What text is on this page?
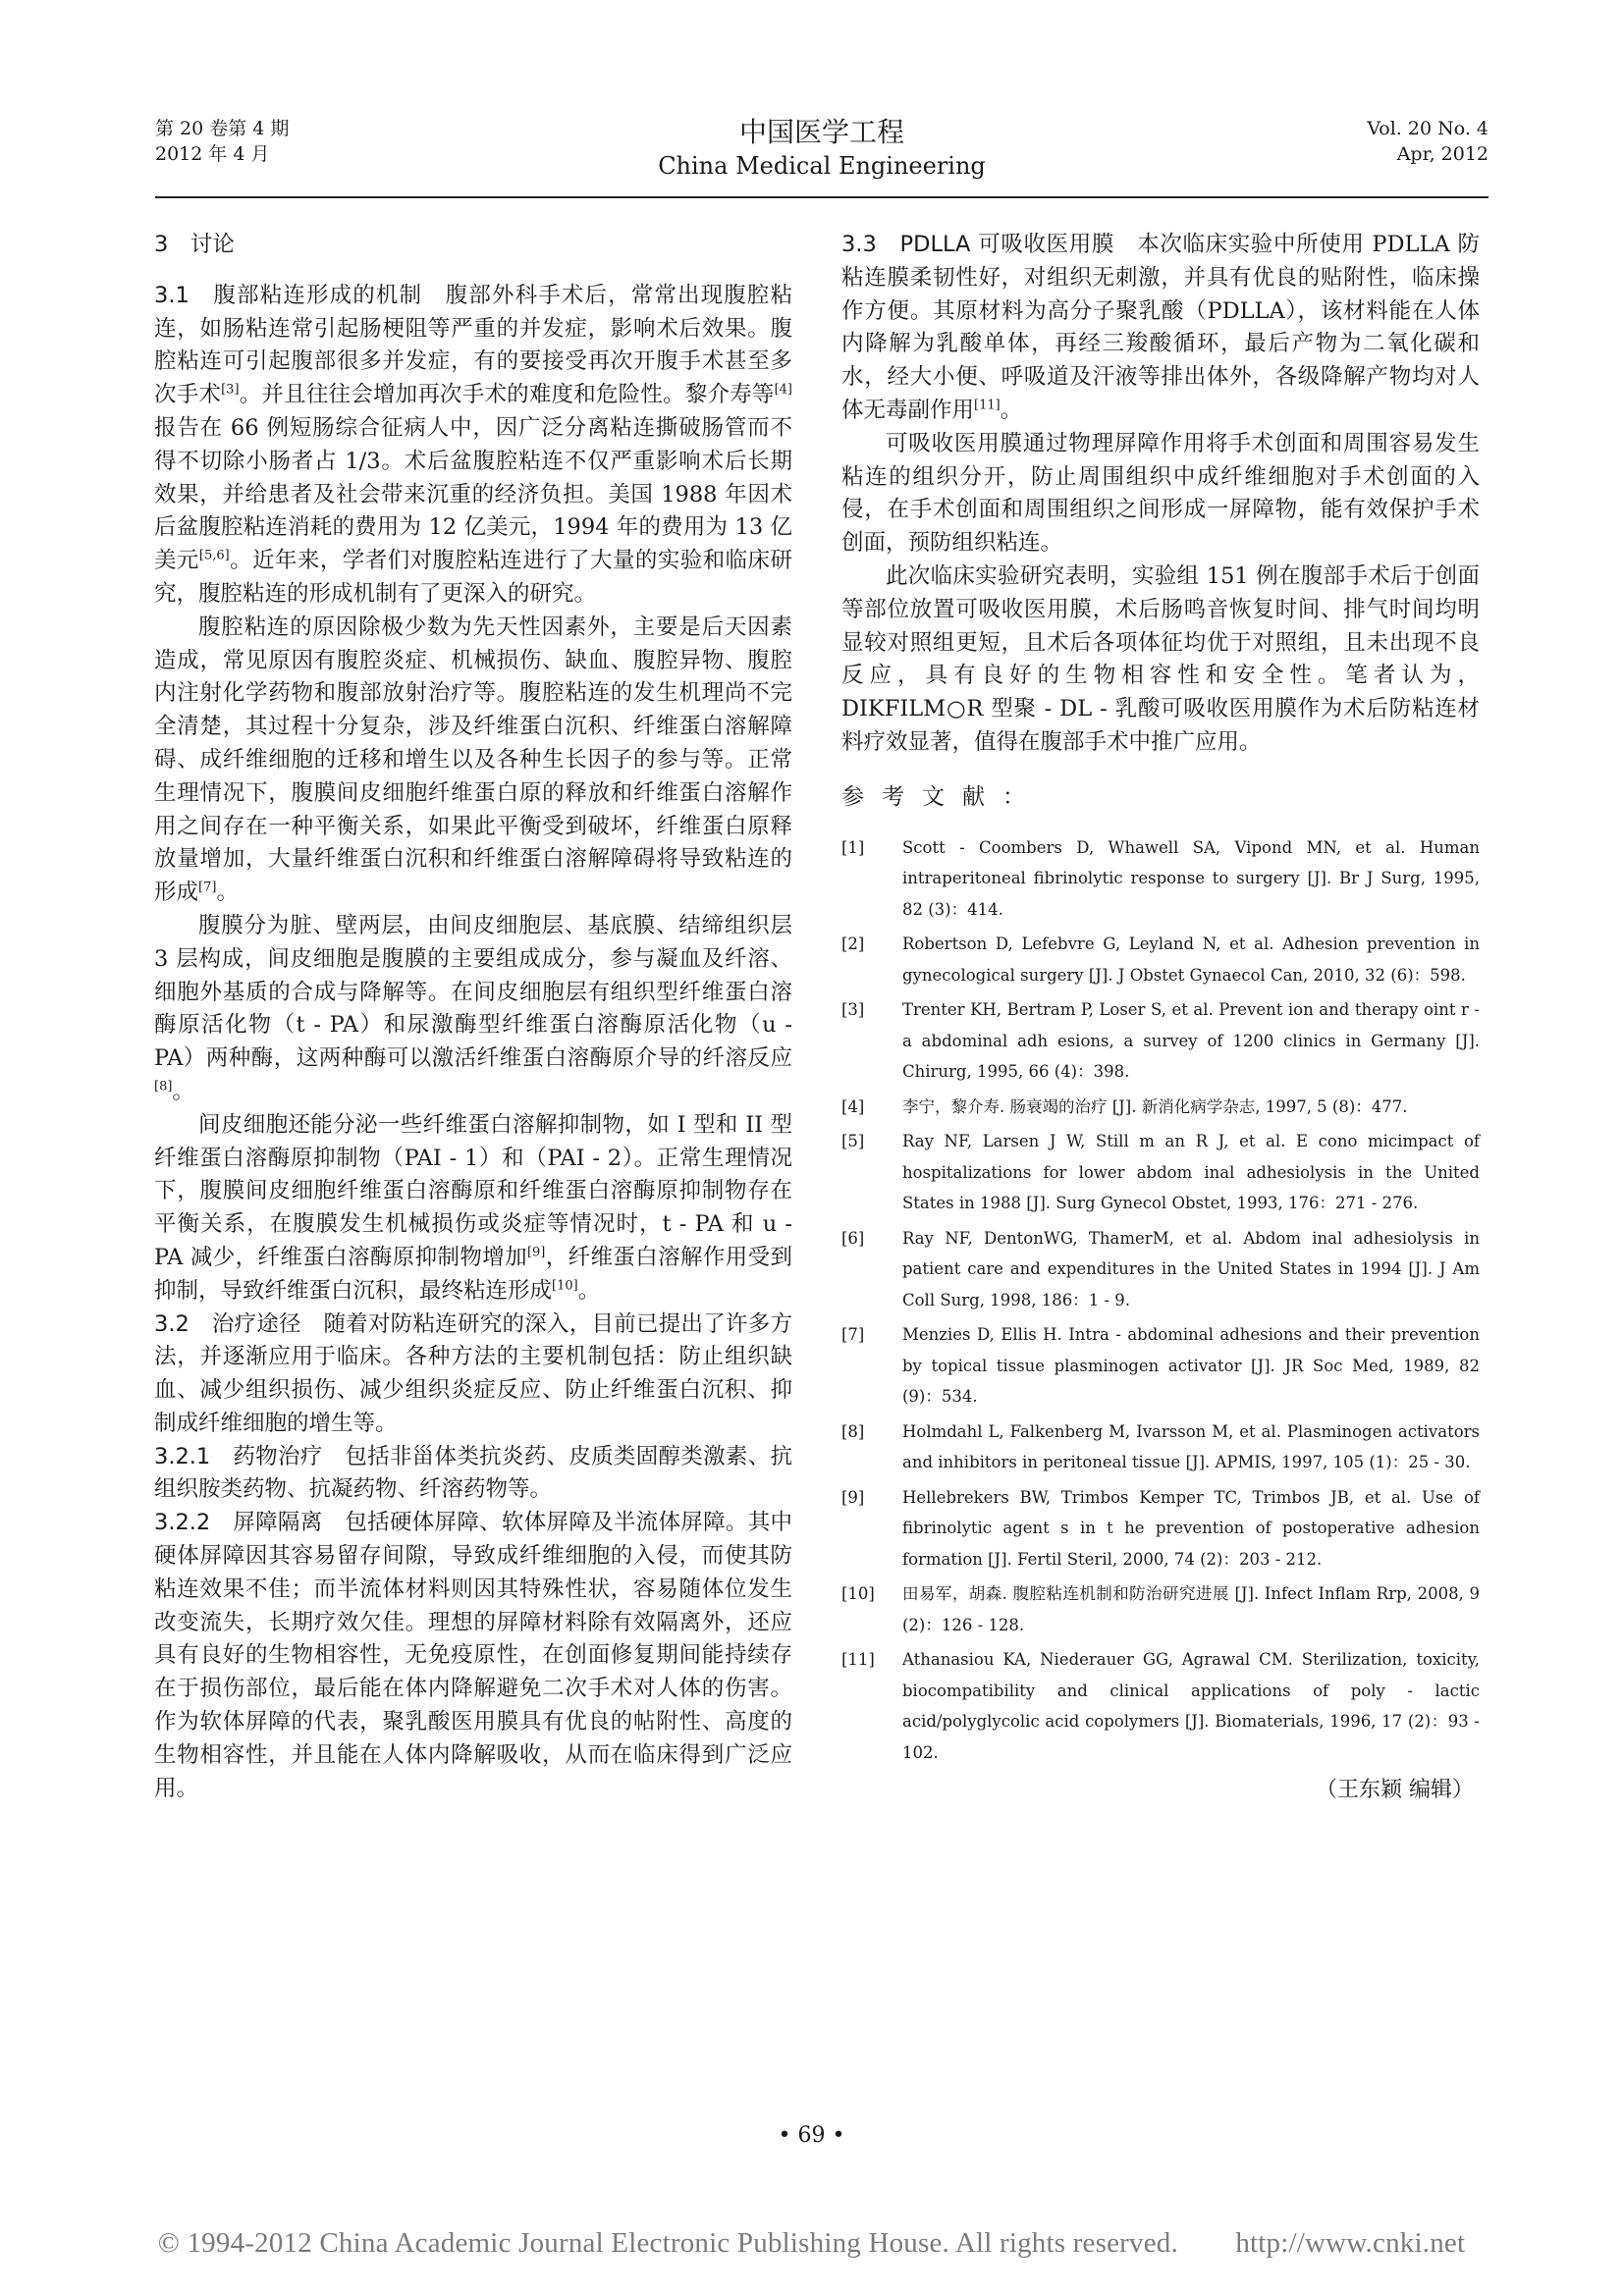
第 20 卷第 4 期
2012 年 4 月
中国医学工程
China Medical Engineering
Vol. 20 No. 4
Apr, 2012

3　讨论

3.1　腹部粘连形成的机制　 腹部外科手术后，常常出现腹腔粘连，如肠粘连常引起肠梗阻等严重的并发症，影响术后效果。腹腔粘连可引起腹部很多并发症，有的要接受再次开腹手术甚至多次手术[3]。并且往往会增加再次手术的难度和危险性。黎介寿等[4]报告在 66 例短肠综合征病人中，因广泛分离粘连撕破肠管而不得不切除小肠者占 1/3。术后盆腹腔粘连不仅严重影响术后长期效果，并给患者及社会带来沉重的经济负担。美国 1988 年因术后盆腹腔粘连消耗的费用为 12 亿美元，1994 年的费用为 13 亿美元[5,6]。近年来，学者们对腹腔粘连进行了大量的实验和临床研究，腹腔粘连的形成机制有了更深入的研究。

腹腔粘连的原因除极少数为先天性因素外，主要是后天因素造成，常见原因有腹腔炎症、机械损伤、缺血、腹腔异物、腹腔内注射化学药物和腹部放射治疗等。腹腔粘连的发生机理尚不完全清楚，其过程十分复杂，涉及纤维蛋白沉积、纤维蛋白溶解障碍、成纤维细胞的迁移和增生以及各种生长因子的参与等。正常生理情况下，腹膜间皮细胞纤维蛋白原的释放和纤维蛋白溶解作用之间存在一种平衡关系，如果此平衡受到破坏，纤维蛋白原释放量增加，大量纤维蛋白沉积和纤维蛋白溶解障碍将导致粘连的形成[7]。

腹膜分为脏、壁两层，由间皮细胞层、基底膜、结缔组织层 3 层构成，间皮细胞是腹膜的主要组成成分，参与凝血及纤溶、细胞外基质的合成与降解等。在间皮细胞层有组织型纤维蛋白溶酶原活化物（t - PA）和尿激酶型纤维蛋白溶酶原活化物（u - PA）两种酶，这两种酶可以激活纤维蛋白溶酶原介导的纤溶反应[8]。

间皮细胞还能分泌一些纤维蛋白溶解抑制物，如 I 型和 II 型纤维蛋白溶酶原抑制物（PAI - 1）和（PAI - 2）。正常生理情况下，腹膜间皮细胞纤维蛋白溶酶原和纤维蛋白溶酶原抑制物存在平衡关系，在腹膜发生机械损伤或炎症等情况时，t - PA 和 u - PA 减少，纤维蛋白溶酶原抑制物增加[9]，纤维蛋白溶解作用受到抑制，导致纤维蛋白沉积，最终粘连形成[10]。

3.2　治疗途径　 随着对防粘连研究的深入，目前已提出了许多方法，并逐渐应用于临床。各种方法的主要机制包括：防止组织缺血、减少组织损伤、减少组织炎症反应、防止纤维蛋白沉积、抑制成纤维细胞的增生等。

3.2.1　药物治疗　 包括非甾体类抗炎药、皮质类固醇类激素、抗组织胺类药物、抗凝药物、纤溶药物等。

3.2.2　屏障隔离　 包括硬体屏障、软体屏障及半流体屏障。其中硬体屏障因其容易留存间隙，导致成纤维细胞的入侵，而使其防粘连效果不佳；而半流体材料则因其特殊性状，容易随体位发生改变流失，长期疗效欠佳。理想的屏障材料除有效隔离外，还应具有良好的生物相容性，无免疫原性，在创面修复期间能持续存在于损伤部位，最后能在体内降解避免二次手术对人体的伤害。作为软体屏障的代表，聚乳酸医用膜具有优良的帖附性、高度的生物相容性，并且能在人体内降解吸收，从而在临床得到广泛应用。

3.3　PDLLA 可吸收医用膜　 本次临床实验中所使用 PDLLA 防粘连膜柔韧性好，对组织无刺激，并具有优良的贴附性，临床操作方便。其原材料为高分子聚乳酸（PDLLA），该材料能在人体内降解为乳酸单体，再经三羧酸循环，最后产物为二氧化碳和水，经大小便、呼吸道及汗液等排出体外，各级降解产物均对人体无毒副作用[11]。

可吸收医用膜通过物理屏障作用将手术创面和周围容易发生粘连的组织分开，防止周围组织中成纤维细胞对手术创面的入侵，在手术创面和周围组织之间形成一屏障物，能有效保护手术创面，预防组织粘连。

此次临床实验研究表明，实验组 151 例在腹部手术后于创面等部位放置可吸收医用膜，术后肠鸣音恢复时间、排气时间均明显较对照组更短，且术后各项体征均优于对照组，且未出现不良反应，具有良好的生物相容性和安全性。笔者认为，DIKFILM○R 型聚 - DL - 乳酸可吸收医用膜作为术后防粘连材料疗效显著，值得在腹部手术中推广应用。

参考文献：
[1]	Scott - Coombers D, Whawell SA, Vipond MN, et al. Human intraperitoneal fibrinolytic response to surgery [J]. Br J Surg, 1995, 82 (3)：414.
[2]	Robertson D, Lefebvre G, Leyland N, et al. Adhesion prevention in gynecological surgery [J]. J Obstet Gynaecol Can, 2010, 32 (6)：598.
[3]	Trenter KH, Bertram P, Loser S, et al. Prevent ion and therapy oint r - a abdominal adh esions, a survey of 1200 clinics in Germany [J]. Chirurg, 1995, 66 (4)：398.
[4]	李宁，黎介寿. 肠衰竭的治疗 [J]. 新消化病学杂志, 1997, 5 (8)：477.
[5]	Ray NF, Larsen J W, Still m an R J, et al. E cono micimpact of hospitalizations for lower abdom inal adhesiolysis in the United States in 1988 [J]. Surg Gynecol Obstet, 1993, 176：271 - 276.
[6]	Ray NF, DentonWG, ThamerM, et al. Abdom inal adhesiolysis in patient care and expenditures in the United States in 1994 [J]. J Am Coll Surg, 1998, 186：1 - 9.
[7]	Menzies D, Ellis H. Intra - abdominal adhesions and their prevention by topical tissue plasminogen activator [J]. JR Soc Med, 1989, 82 (9)：534.
[8]	Holmdahl L, Falkenberg M, Ivarsson M, et al. Plasminogen activators and inhibitors in peritoneal tissue [J]. APMIS, 1997, 105 (1)：25 - 30.
[9]	Hellebrekers BW, Trimbos Kemper TC, Trimbos JB, et al. Use of fibrinolytic agent s in t he prevention of postoperative adhesion formation [J]. Fertil Steril, 2000, 74 (2)：203 - 212.
[10]	田易军，胡森. 腹腔粘连机制和防治研究进展 [J]. Infect Inflam Rrp, 2008, 9 (2)：126 - 128.
[11]	Athanasiou KA, Niederauer GG, Agrawal CM. Sterilization, toxicity, biocompatibility and clinical applications of poly - lactic acid/polyglycolic acid copolymers [J]. Biomaterials, 1996, 17 (2)：93 - 102.
（王东颖 编辑）
• 69 •
© 1994-2012 China Academic Journal Electronic Publishing House. All rights reserved.　　http://www.cnki.net
